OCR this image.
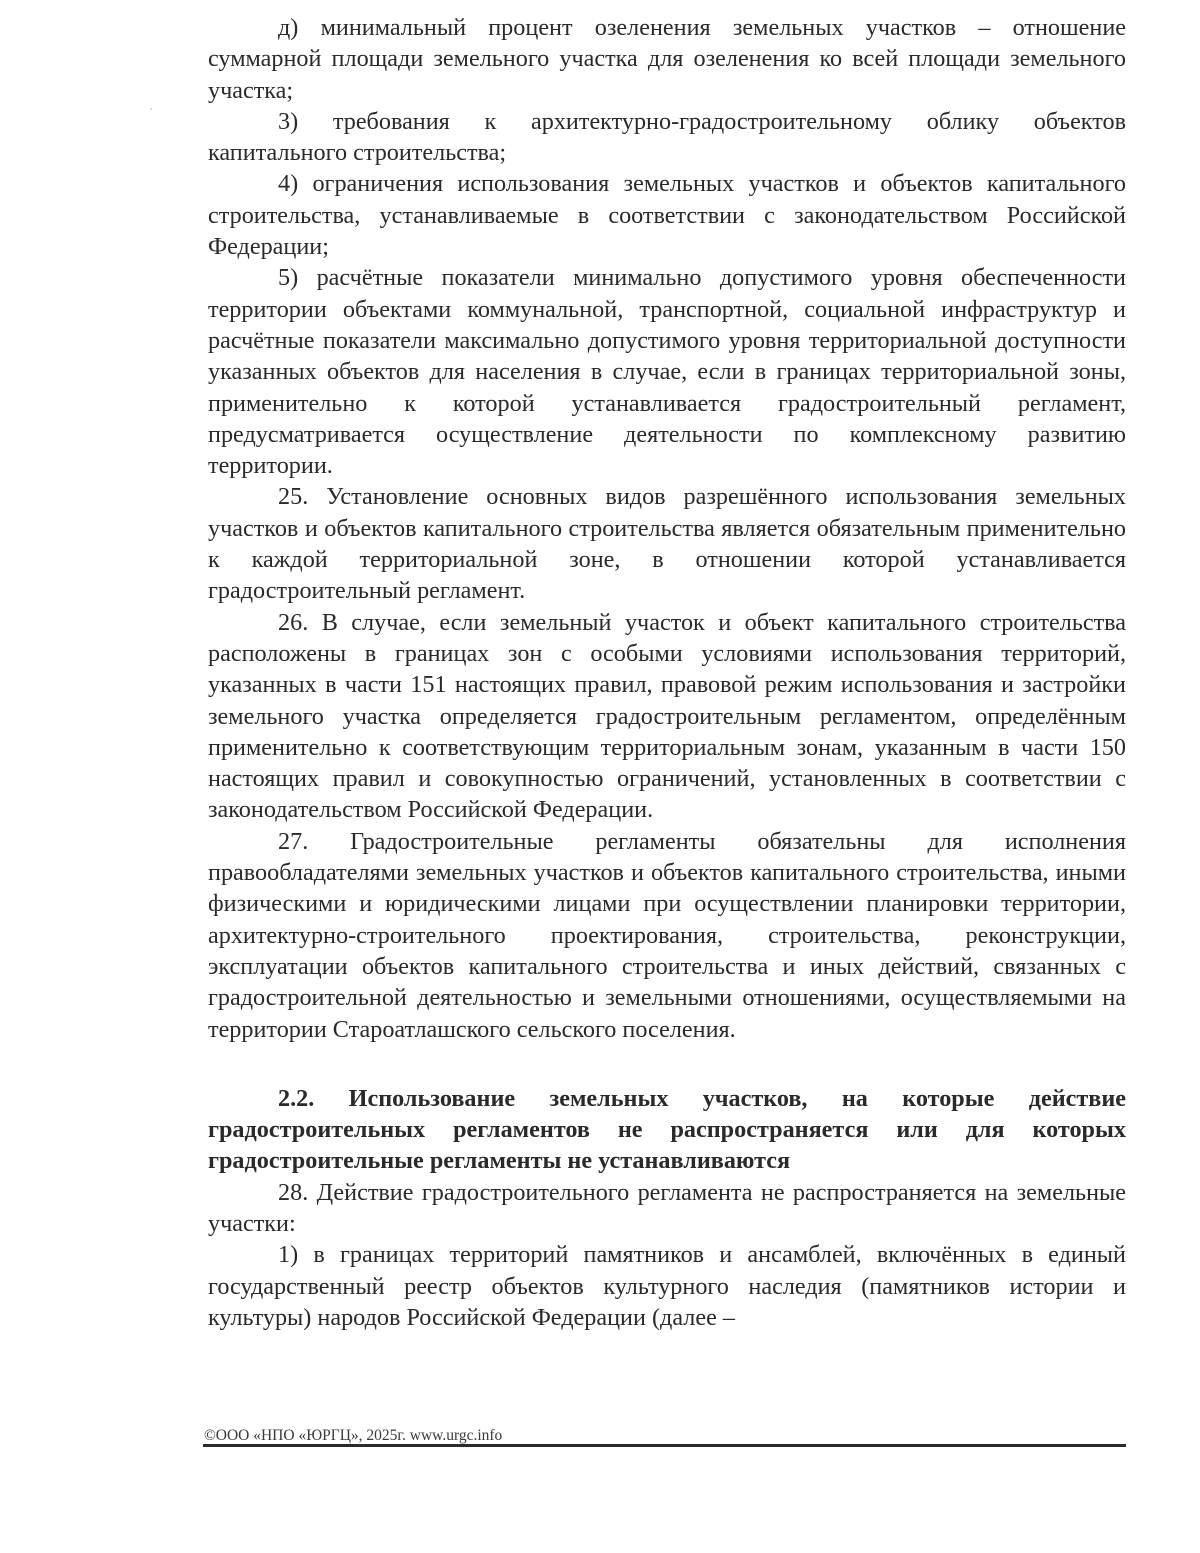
д) минимальный процент озеленения земельных участков – отношение суммарной площади земельного участка для озеленения ко всей площади земельного участка;

3) требования к архитектурно-градостроительному облику объектов капитального строительства;

4) ограничения использования земельных участков и объектов капитального строительства, устанавливаемые в соответствии с законодательством Российской Федерации;

5) расчётные показатели минимально допустимого уровня обеспеченности территории объектами коммунальной, транспортной, социальной инфраструктур и расчётные показатели максимально допустимого уровня территориальной доступности указанных объектов для населения в случае, если в границах территориальной зоны, применительно к которой устанавливается градостроительный регламент, предусматривается осуществление деятельности по комплексному развитию территории.

25. Установление основных видов разрешённого использования земельных участков и объектов капитального строительства является обязательным применительно к каждой территориальной зоне, в отношении которой устанавливается градостроительный регламент.

26. В случае, если земельный участок и объект капитального строительства расположены в границах зон с особыми условиями использования территорий, указанных в части 151 настоящих правил, правовой режим использования и застройки земельного участка определяется градостроительным регламентом, определённым применительно к соответствующим территориальным зонам, указанным в части 150 настоящих правил и совокупностью ограничений, установленных в соответствии с законодательством Российской Федерации.

27. Градостроительные регламенты обязательны для исполнения правообладателями земельных участков и объектов капитального строительства, иными физическими и юридическими лицами при осуществлении планировки территории, архитектурно-строительного проектирования, строительства, реконструкции, эксплуатации объектов капитального строительства и иных действий, связанных с градостроительной деятельностью и земельными отношениями, осуществляемыми на территории Староатлашского сельского поселения.

2.2. Использование земельных участков, на которые действие градостроительных регламентов не распространяется или для которых градостроительные регламенты не устанавливаются

28. Действие градостроительного регламента не распространяется на земельные участки:

1) в границах территорий памятников и ансамблей, включённых в единый государственный реестр объектов культурного наследия (памятников истории и культуры) народов Российской Федерации (далее –

©ООО «НПО «ЮРГЦ», 2025г. www.urgc.info
